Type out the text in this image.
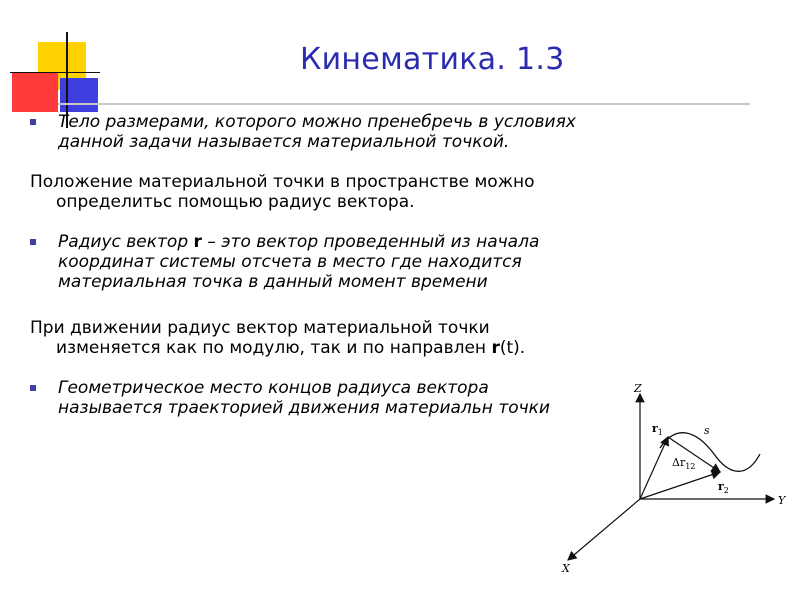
Кинематика. 1.3

Тело размерами, которого можно пренебречь в условиях данной задачи называется материальной точкой.

Положение материальной точки в пространстве можно определитьс помощью радиус вектора.

Радиус вектор r – это вектор проведенный из начала координат системы отсчета в место где находится материальная точка в данный момент времени

При движении радиус вектор материальной точки изменяется как по модулю, так и по направлен r(t).

Геометрическое место концов радиуса вектора называется траекторией движения материальн точки

Z
Y
X
s
$r_1$
$\Delta r_{12}$
$r_2$
